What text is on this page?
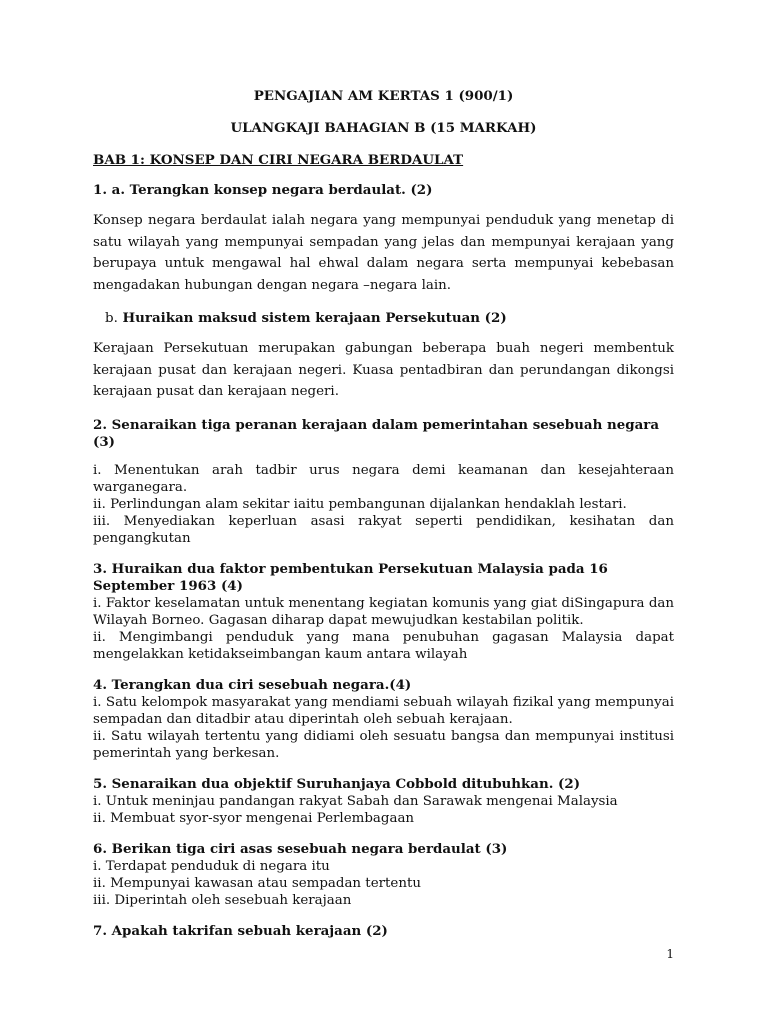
PENGAJIAN AM KERTAS 1 (900/1)

ULANGKAJI BAHAGIAN B (15 MARKAH)

BAB 1: KONSEP DAN CIRI NEGARA BERDAULAT

1. a. Terangkan konsep negara berdaulat. (2)

Konsep negara berdaulat ialah negara yang mempunyai penduduk yang menetap di satu wilayah yang mempunyai sempadan yang jelas dan mempunyai kerajaan yang berupaya untuk mengawal hal ehwal dalam negara serta mempunyai kebebasan mengadakan hubungan dengan negara –negara lain.

b. Huraikan maksud sistem kerajaan Persekutuan (2)

Kerajaan Persekutuan merupakan gabungan beberapa buah negeri membentuk kerajaan pusat dan kerajaan negeri. Kuasa pentadbiran dan perundangan dikongsi kerajaan pusat dan kerajaan negeri.

2. Senaraikan tiga peranan kerajaan dalam pemerintahan sesebuah negara (3)

i. Menentukan arah tadbir urus negara demi keamanan dan kesejahteraan warganegara.

ii. Perlindungan alam sekitar iaitu pembangunan dijalankan hendaklah lestari.

iii. Menyediakan keperluan asasi rakyat seperti pendidikan, kesihatan dan pengangkutan

3. Huraikan dua faktor pembentukan Persekutuan Malaysia pada 16 September 1963 (4)

i. Faktor keselamatan untuk menentang kegiatan komunis yang giat diSingapura dan Wilayah Borneo. Gagasan diharap dapat mewujudkan kestabilan politik.

ii. Mengimbangi penduduk yang mana penubuhan gagasan Malaysia dapat mengelakkan ketidakseimbangan kaum antara wilayah

4. Terangkan dua ciri sesebuah negara.(4)

i. Satu kelompok masyarakat yang mendiami sebuah wilayah fizikal yang mempunyai sempadan dan ditadbir atau diperintah oleh sebuah kerajaan.

ii. Satu wilayah tertentu yang didiami oleh sesuatu bangsa dan mempunyai institusi pemerintah yang berkesan.

5. Senaraikan dua objektif Suruhanjaya Cobbold ditubuhkan. (2)

i. Untuk meninjau pandangan rakyat Sabah dan Sarawak mengenai Malaysia

ii. Membuat syor-syor mengenai Perlembagaan

6. Berikan tiga ciri asas sesebuah negara berdaulat (3)

i. Terdapat penduduk di negara itu

ii. Mempunyai kawasan atau sempadan tertentu

iii. Diperintah oleh sesebuah kerajaan

7. Apakah takrifan sebuah kerajaan (2)

1
